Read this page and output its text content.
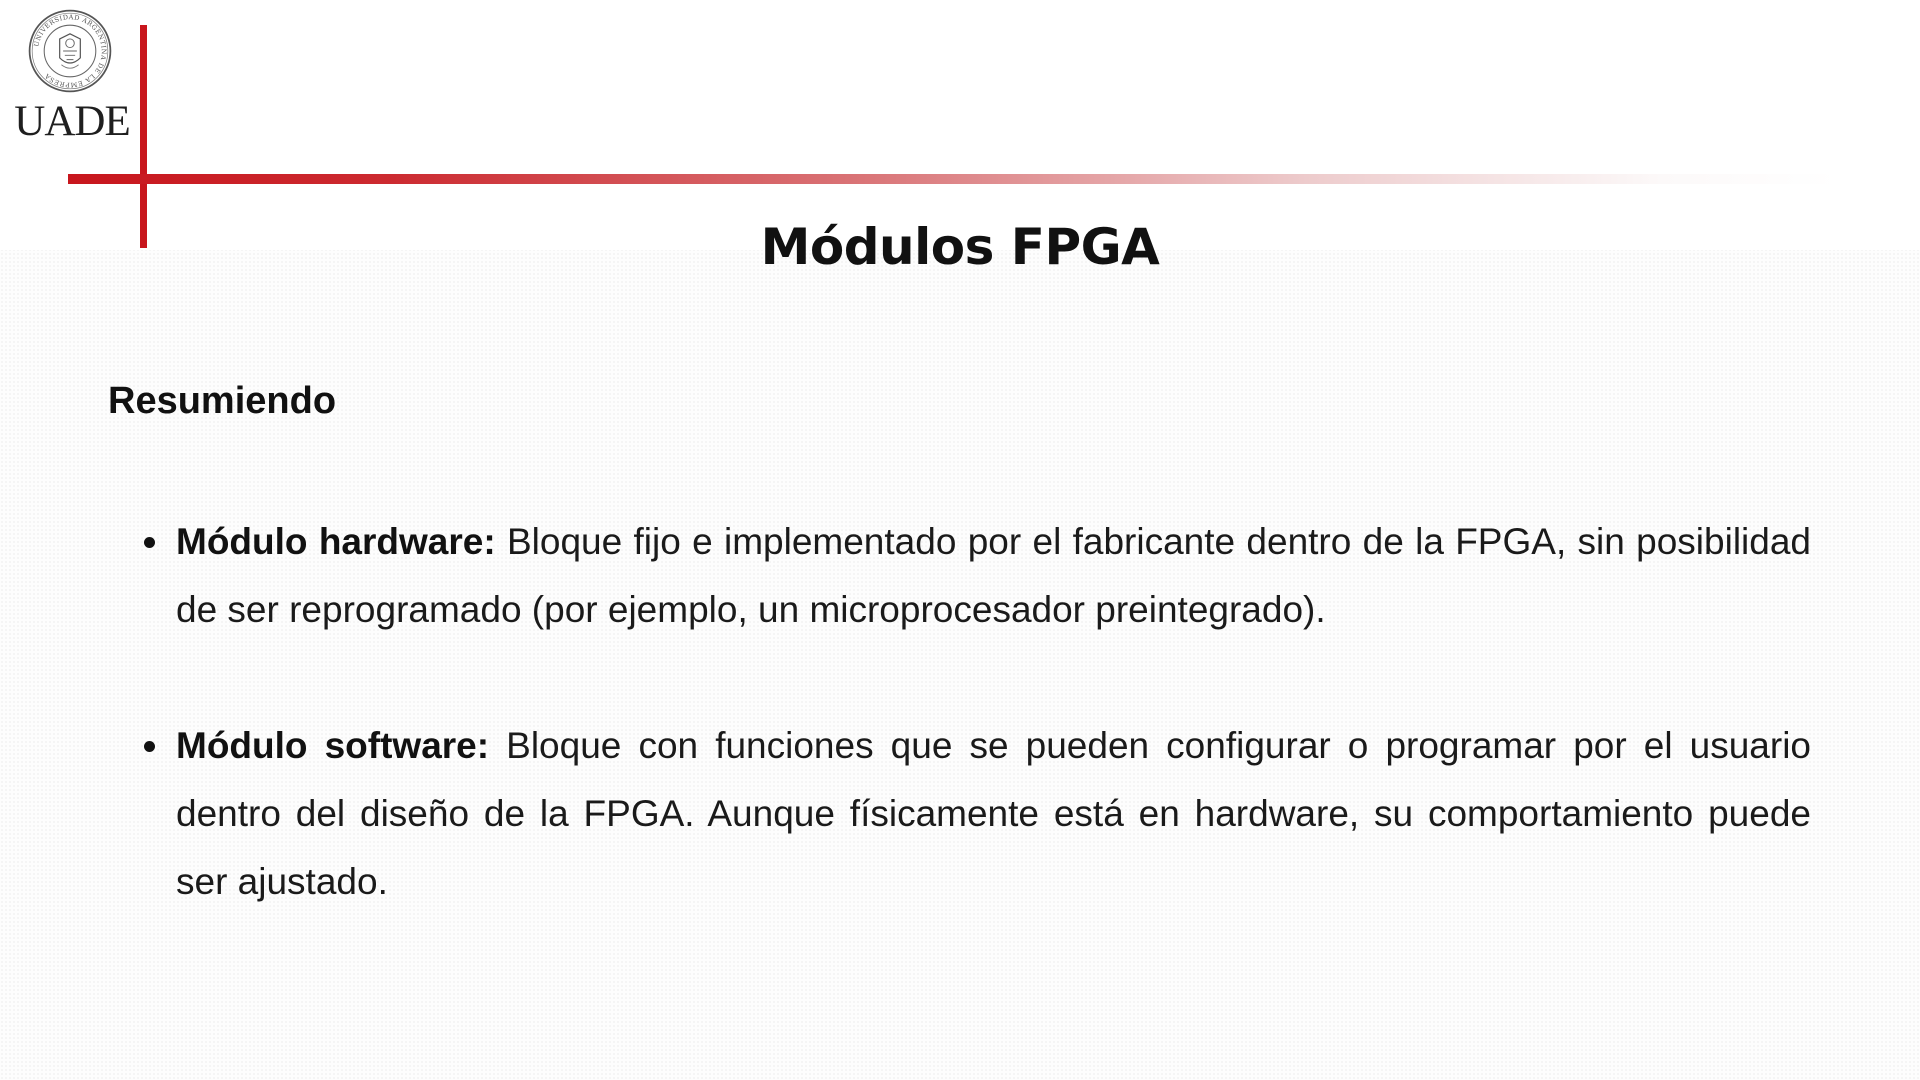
UNIVERSIDAD ARGENTINA DE LA EMPRESA
UADE
Módulos FPGA
Resumiendo
Módulo hardware: Bloque fijo e implementado por el fabricante dentro de la FPGA, sin posibilidad de ser reprogramado (por ejemplo, un microprocesador preintegrado).
Módulo software: Bloque con funciones que se pueden configurar o programar por el usuario dentro del diseño de la FPGA. Aunque físicamente está en hardware, su comportamiento puede ser ajustado.
